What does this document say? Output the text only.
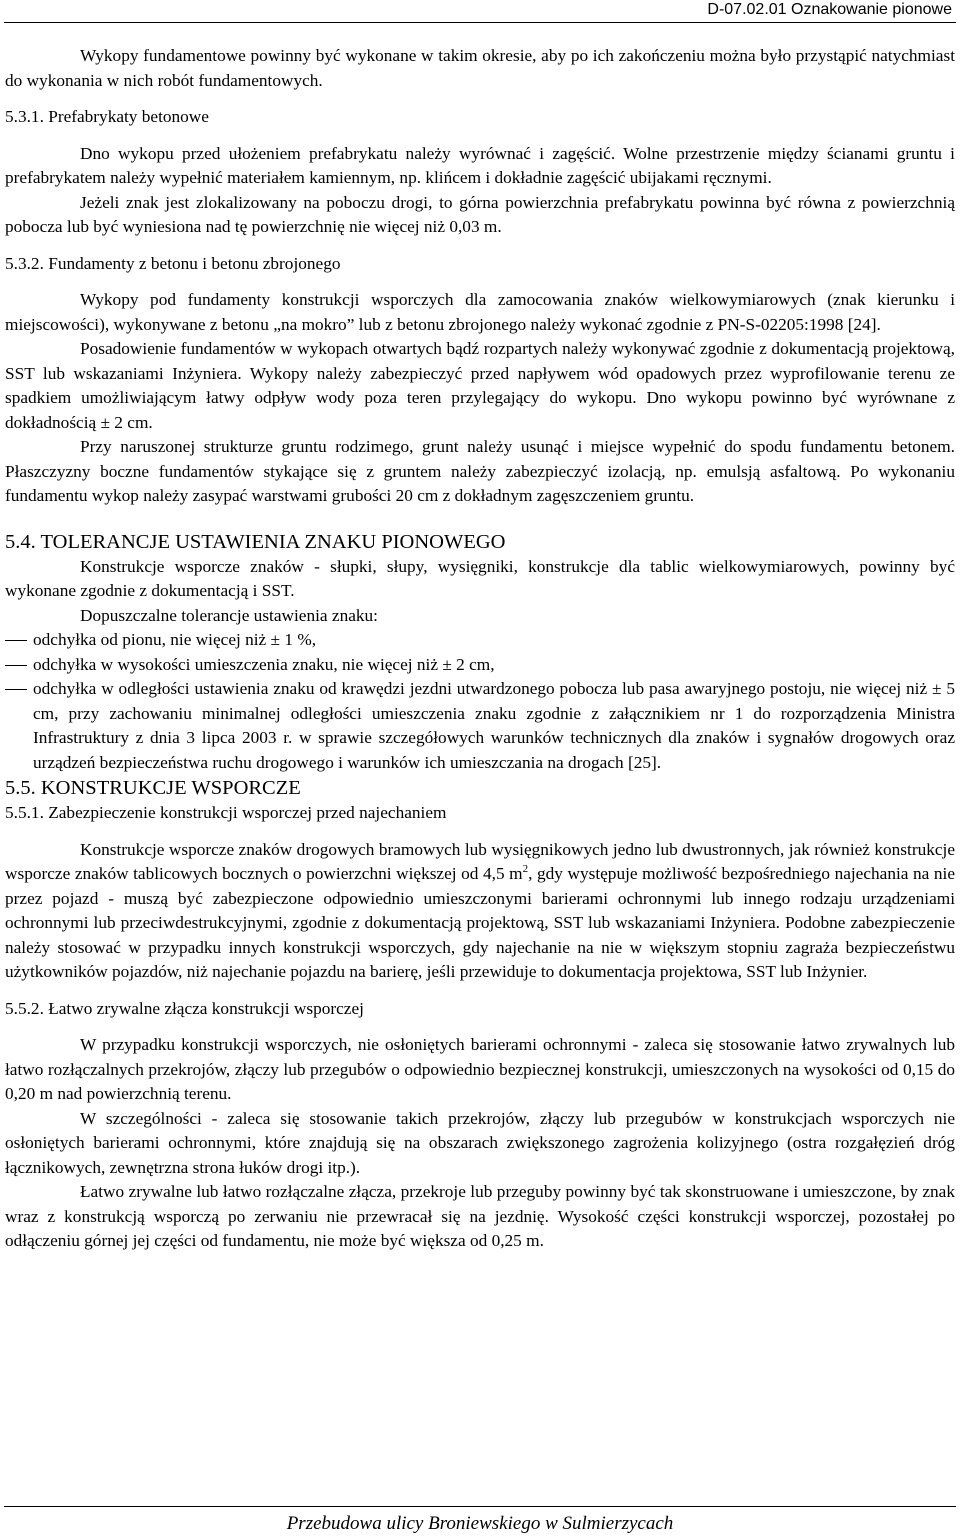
D-07.02.01 Oznakowanie pionowe

Wykopy fundamentowe powinny być wykonane w takim okresie, aby po ich zakończeniu można było przystąpić natychmiast do wykonania w nich robót fundamentowych.

5.3.1. Prefabrykaty betonowe

Dno wykopu przed ułożeniem prefabrykatu należy wyrównać i zagęścić. Wolne przestrzenie między ścianami gruntu i prefabrykatem należy wypełnić materiałem kamiennym, np. klińcem i dokładnie zagęścić ubijakami ręcznymi.

Jeżeli znak jest zlokalizowany na poboczu drogi, to górna powierzchnia prefabrykatu powinna być równa z powierzchnią pobocza lub być wyniesiona nad tę powierzchnię nie więcej niż 0,03 m.

5.3.2. Fundamenty z betonu i betonu zbrojonego

Wykopy pod fundamenty konstrukcji wsporczych dla zamocowania znaków wielkowymiarowych (znak kierunku i miejscowości), wykonywane z betonu „na mokro” lub z betonu zbrojonego należy wykonać zgodnie z PN-S-02205:1998 [24].

Posadowienie fundamentów w wykopach otwartych bądź rozpartych należy wykonywać zgodnie z dokumentacją projektową, SST lub wskazaniami Inżyniera. Wykopy należy zabezpieczyć przed napływem wód opadowych przez wyprofilowanie terenu ze spadkiem umożliwiającym łatwy odpływ wody poza teren przylegający do wykopu. Dno wykopu powinno być wyrównane z dokładnością ± 2 cm.

Przy naruszonej strukturze gruntu rodzimego, grunt należy usunąć i miejsce wypełnić do spodu fundamentu betonem. Płaszczyzny boczne fundamentów stykające się z gruntem należy zabezpieczyć izolacją, np. emulsją asfaltową. Po wykonaniu fundamentu wykop należy zasypać warstwami grubości 20 cm z dokładnym zagęszczeniem gruntu.

5.4. TOLERANCJE USTAWIENIA ZNAKU PIONOWEGO

Konstrukcje wsporcze znaków - słupki, słupy, wysięgniki, konstrukcje dla tablic wielkowymiarowych, powinny być wykonane zgodnie z dokumentacją i SST.

Dopuszczalne tolerancje ustawienia znaku:

odchyłka od pionu, nie więcej niż ± 1 %,
odchyłka w wysokości umieszczenia znaku, nie więcej niż ± 2 cm,
odchyłka w odległości ustawienia znaku od krawędzi jezdni utwardzonego pobocza lub pasa awaryjnego postoju, nie więcej niż ± 5 cm, przy zachowaniu minimalnej odległości umieszczenia znaku zgodnie z załącznikiem nr 1 do rozporządzenia Ministra Infrastruktury z dnia 3 lipca 2003 r. w sprawie szczegółowych warunków technicznych dla znaków i sygnałów drogowych oraz urządzeń bezpieczeństwa ruchu drogowego i warunków ich umieszczania na drogach [25].

5.5. KONSTRUKCJE WSPORCZE

5.5.1. Zabezpieczenie konstrukcji wsporczej przed najechaniem

Konstrukcje wsporcze znaków drogowych bramowych lub wysięgnikowych jedno lub dwustronnych, jak również konstrukcje wsporcze znaków tablicowych bocznych o powierzchni większej od 4,5 $m^2$, gdy występuje możliwość bezpośredniego najechania na nie przez pojazd - muszą być zabezpieczone odpowiednio umieszczonymi barierami ochronnymi lub innego rodzaju urządzeniami ochronnymi lub przeciwdestrukcyjnymi, zgodnie z dokumentacją projektową, SST lub wskazaniami Inżyniera. Podobne zabezpieczenie należy stosować w przypadku innych konstrukcji wsporczych, gdy najechanie na nie w większym stopniu zagraża bezpieczeństwu użytkowników pojazdów, niż najechanie pojazdu na barierę, jeśli przewiduje to dokumentacja projektowa, SST lub Inżynier.

5.5.2. Łatwo zrywalne złącza konstrukcji wsporczej

W przypadku konstrukcji wsporczych, nie osłoniętych barierami ochronnymi - zaleca się stosowanie łatwo zrywalnych lub łatwo rozłączalnych przekrojów, złączy lub przegubów o odpowiednio bezpiecznej konstrukcji, umieszczonych na wysokości od 0,15 do 0,20 m nad powierzchnią terenu.

W szczególności - zaleca się stosowanie takich przekrojów, złączy lub przegubów w konstrukcjach wsporczych nie osłoniętych barierami ochronnymi, które znajdują się na obszarach zwiększonego zagrożenia kolizyjnego (ostra rozgałęzień dróg łącznikowych, zewnętrzna strona łuków drogi itp.).

Łatwo zrywalne lub łatwo rozłączalne złącza, przekroje lub przeguby powinny być tak skonstruowane i umieszczone, by znak wraz z konstrukcją wsporczą po zerwaniu nie przewracał się na jezdnię. Wysokość części konstrukcji wsporczej, pozostałej po odłączeniu górnej jej części od fundamentu, nie może być większa od 0,25 m.

Przebudowa ulicy Broniewskiego w Sulmierzycach
